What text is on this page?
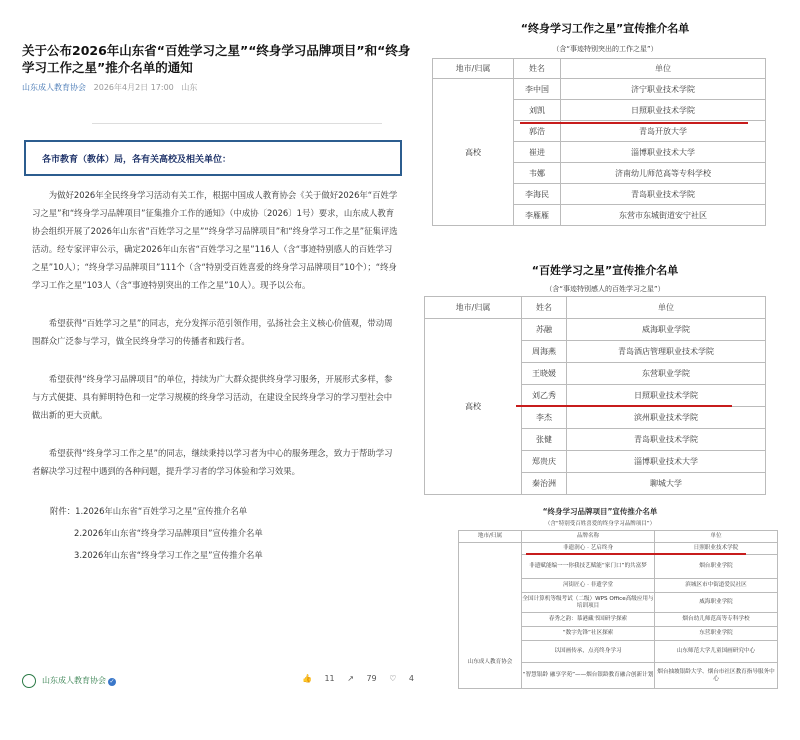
关于公布2026年山东省“百姓学习之星”“终身学习品牌项目”和“终身学习工作之星”推介名单的通知
山东成人教育协会 2026年4月2日 17:00 山东
各市教育（教体）局，各有关高校及相关单位：
为做好2026年全民终身学习活动有关工作，根据中国成人教育协会《关于做好2026年“百姓学习之星”和“终身学习品牌项目”征集推介工作的通知》（中成协〔2026〕1号）要求，山东成人教育协会组织开展了2026年山东省“百姓学习之星”“终身学习品牌项目”和“终身学习工作之星”征集评选活动。经专家评审公示，确定2026年山东省“百姓学习之星”116人（含“事迹特别感人的百姓学习之星”10人）；“终身学习品牌项目”111个（含“特别受百姓喜爱的终身学习品牌项目”10个）；“终身学习工作之星”103人（含“事迹特别突出的工作之星”10人）。现予以公布。
希望获得“百姓学习之星”的同志，充分发挥示范引领作用，弘扬社会主义核心价值观，带动周围群众广泛参与学习，做全民终身学习的传播者和践行者。
希望获得“终身学习品牌项目”的单位，持续为广大群众提供终身学习服务，开展形式多样，参与方式便捷、具有鲜明特色和一定学习规模的终身学习活动，在建设全民终身学习的学习型社会中做出新的更大贡献。
希望获得“终身学习工作之星”的同志，继续秉持以学习者为中心的服务理念，致力于帮助学习者解决学习过程中遇到的各种问题，提升学习者的学习体验和学习效果。
附件：1.2026年山东省“百姓学习之星”宣传推介名单
2.2026年山东省“终身学习品牌项目”宣传推介名单
3.2026年山东省“终身学习工作之星”宣传推介名单
山东成人教育协会 ✓	👍 11 ↗ 79 ♡ 4
“终身学习工作之星”宣传推介名单
（含“事迹特别突出的工作之星”）
地市/归属	姓名	单位
高校	李中国	济宁职业技术学院
	刘凯	日照职业技术学院
	郭浩	青岛开放大学
	崔进	淄博职业技术大学
	韦娜	济南幼儿师范高等专科学校
	李海民	青岛职业技术学院
	李雁雁	东营市东城街道安宁社区
“百姓学习之星”宣传推介名单
（含“事迹特别感人的百姓学习之星”）
地市/归属	姓名	单位
高校	苏融	威海职业学院
	周海燕	青岛酒店管理职业技术学院
	王晓媛	东营职业学院
	刘乙秀	日照职业技术学院
	李杰	滨州职业技术学院
	张健	青岛职业技术学院
	郑贵庆	淄博职业技术大学
	秦治洲	聊城大学
“终身学习品牌项目”宣传推介名单
（含“特别受百姓喜爱的终身学习品牌项目”）
地市/归属	品牌名称	单位
山东成人教育协会	非遗润心 · 艺启终身	日照职业技术学院
	非遗赋能编一一你我技艺赋能“家门口”的共富梦	烟台职业学院
	河街匠心 · 非遗学堂	滨城区市中街道爱民社区
	全国计算机等级考试（二级）WPS Office高级应用与培训项目	威海职业学院
	春秀之韵：慕港藏书国研学探索	烟台幼儿师范高等专科学校
	“数字先锋”社区探索	东营职业学院
	以国画传承，点亮终身学习	山东师范大学儿童国画研究中心
	“智慧银龄 融享学苑”——烟台银龄教育融合创新计划	烟台抽坡银龄大学、烟台市社区教育指导服务中心
